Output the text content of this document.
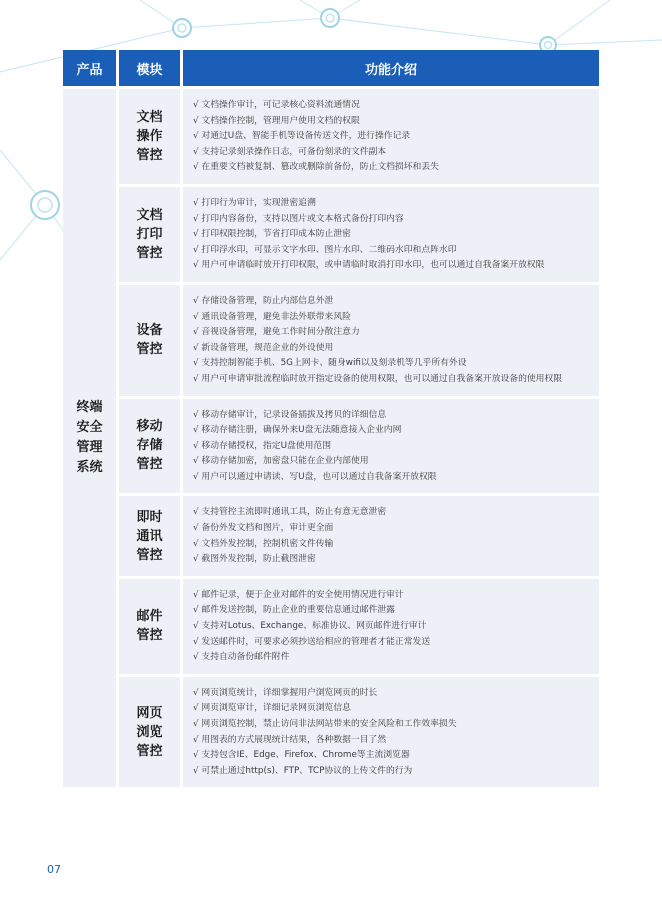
产品	模块	功能介绍
终端安全管理系统
文档操作管控
√ 文档操作审计，可记录核心资料流通情况
√ 文档操作控制，管理用户使用文档的权限
√ 对通过U盘、智能手机等设备传送文件，进行操作记录
√ 支持记录刻录操作日志，可备份刻录的文件副本
√ 在重要文档被复制、篡改或删除前备份，防止文档损坏和丢失
文档打印管控
√ 打印行为审计，实现泄密追溯
√ 打印内容备份，支持以图片或文本格式备份打印内容
√ 打印权限控制，节省打印成本防止泄密
√ 打印浮水印，可显示文字水印、图片水印、二维码水印和点阵水印
√ 用户可申请临时放开打印权限，或申请临时取消打印水印，也可以通过自我备案开放权限
设备管控
√ 存储设备管理，防止内部信息外泄
√ 通讯设备管理，避免非法外联带来风险
√ 音视设备管理，避免工作时间分散注意力
√ 新设备管理，规范企业的外设使用
√ 支持控制智能手机、5G上网卡、随身wifi以及刻录机等几乎所有外设
√ 用户可申请审批流程临时放开指定设备的使用权限，也可以通过自我备案开放设备的使用权限
移动存储管控
√ 移动存储审计，记录设备插拔及拷贝的详细信息
√ 移动存储注册，确保外来U盘无法随意接入企业内网
√ 移动存储授权，指定U盘使用范围
√ 移动存储加密，加密盘只能在企业内部使用
√ 用户可以通过申请读、写U盘，也可以通过自我备案开放权限
即时通讯管控
√ 支持管控主流即时通讯工具，防止有意无意泄密
√ 备份外发文档和图片，审计更全面
√ 文档外发控制，控制机密文件传输
√ 截图外发控制，防止截图泄密
邮件管控
√ 邮件记录，便于企业对邮件的安全使用情况进行审计
√ 邮件发送控制，防止企业的重要信息通过邮件泄露
√ 支持对Lotus、Exchange、标准协议、网页邮件进行审计
√ 发送邮件时，可要求必须抄送给相应的管理者才能正常发送
√ 支持自动备份邮件附件
网页浏览管控
√ 网页浏览统计，详细掌握用户浏览网页的时长
√ 网页浏览审计，详细记录网页浏览信息
√ 网页浏览控制，禁止访问非法网站带来的安全风险和工作效率损失
√ 用图表的方式展现统计结果，各种数据一目了然
√ 支持包含IE、Edge、Firefox、Chrome等主流浏览器
√ 可禁止通过http(s)、FTP、TCP协议的上传文件的行为
07
